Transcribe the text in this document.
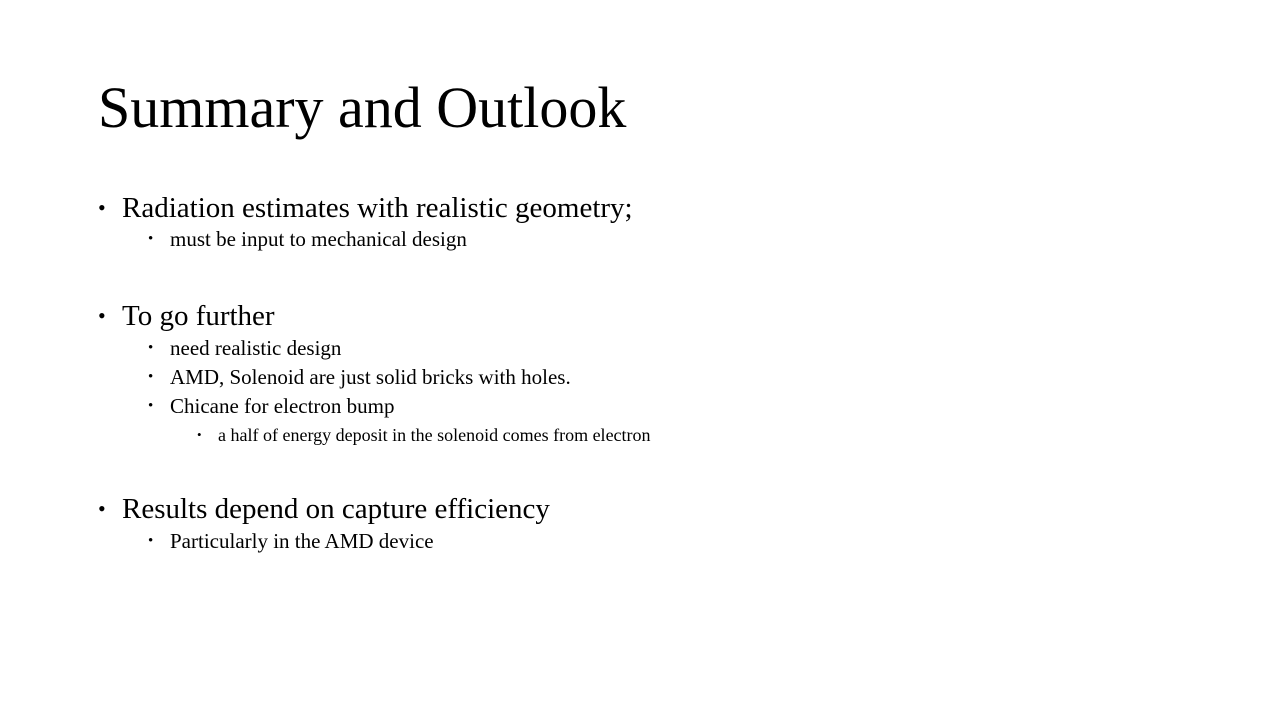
Summary and Outlook
• Radiation estimates with realistic geometry;
• must be input to mechanical design
• To go further
• need realistic design
• AMD, Solenoid are just solid bricks with holes.
• Chicane for electron bump
• a half of energy deposit in the solenoid comes from electron
• Results depend on capture efficiency
• Particularly in the AMD device
